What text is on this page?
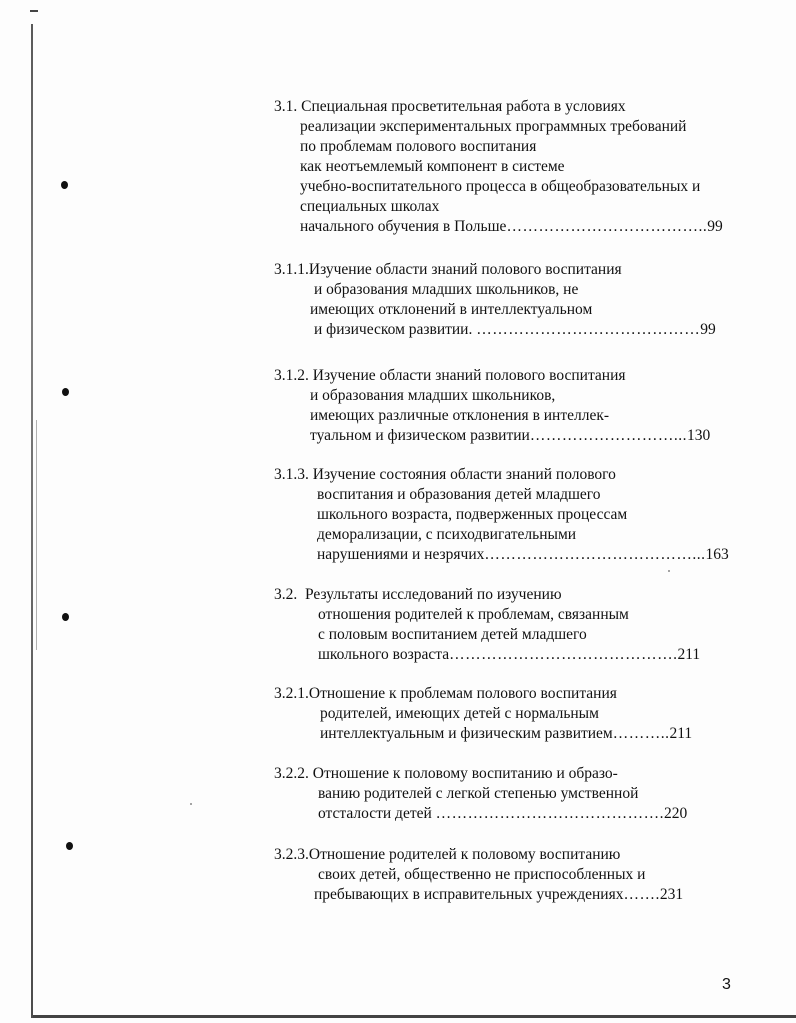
3.1. Специальная просветительная работа в условиях
реализации экспериментальных программных требований
по проблемам полового воспитания
как неотъемлемый компонент в системе
учебно-воспитательного процесса в общеобразовательных и
специальных школах
начального обучения в Польше………………………………..99
3.1.1.Изучение области знаний полового воспитания
и образования младших школьников, не
имеющих отклонений в интеллектуальном
и физическом развитии. ……………………………………99
3.1.2. Изучение области знаний полового воспитания
и образования младших школьников,
имеющих различные отклонения в интеллек-
туальном и физическом развитии………………………...130
3.1.3. Изучение состояния области знаний полового
воспитания и образования детей младшего
школьного возраста, подверженных процессам
деморализации, с психодвигательными
нарушениями и незрячих…………………………………...163
3.2. Результаты исследований по изучению
отношения родителей к проблемам, связанным
с половым воспитанием детей младшего
школьного возраста…………………………………….211
3.2.1.Отношение к проблемам полового воспитания
родителей, имеющих детей с нормальным
интеллектуальным и физическим развитием………..211
3.2.2. Отношение к половому воспитанию и образо-
ванию родителей с легкой степенью умственной
отсталости детей …………………………………….220
3.2.3.Отношение родителей к половому воспитанию
своих детей, общественно не приспособленных и
пребывающих в исправительных учреждениях…….231
3
